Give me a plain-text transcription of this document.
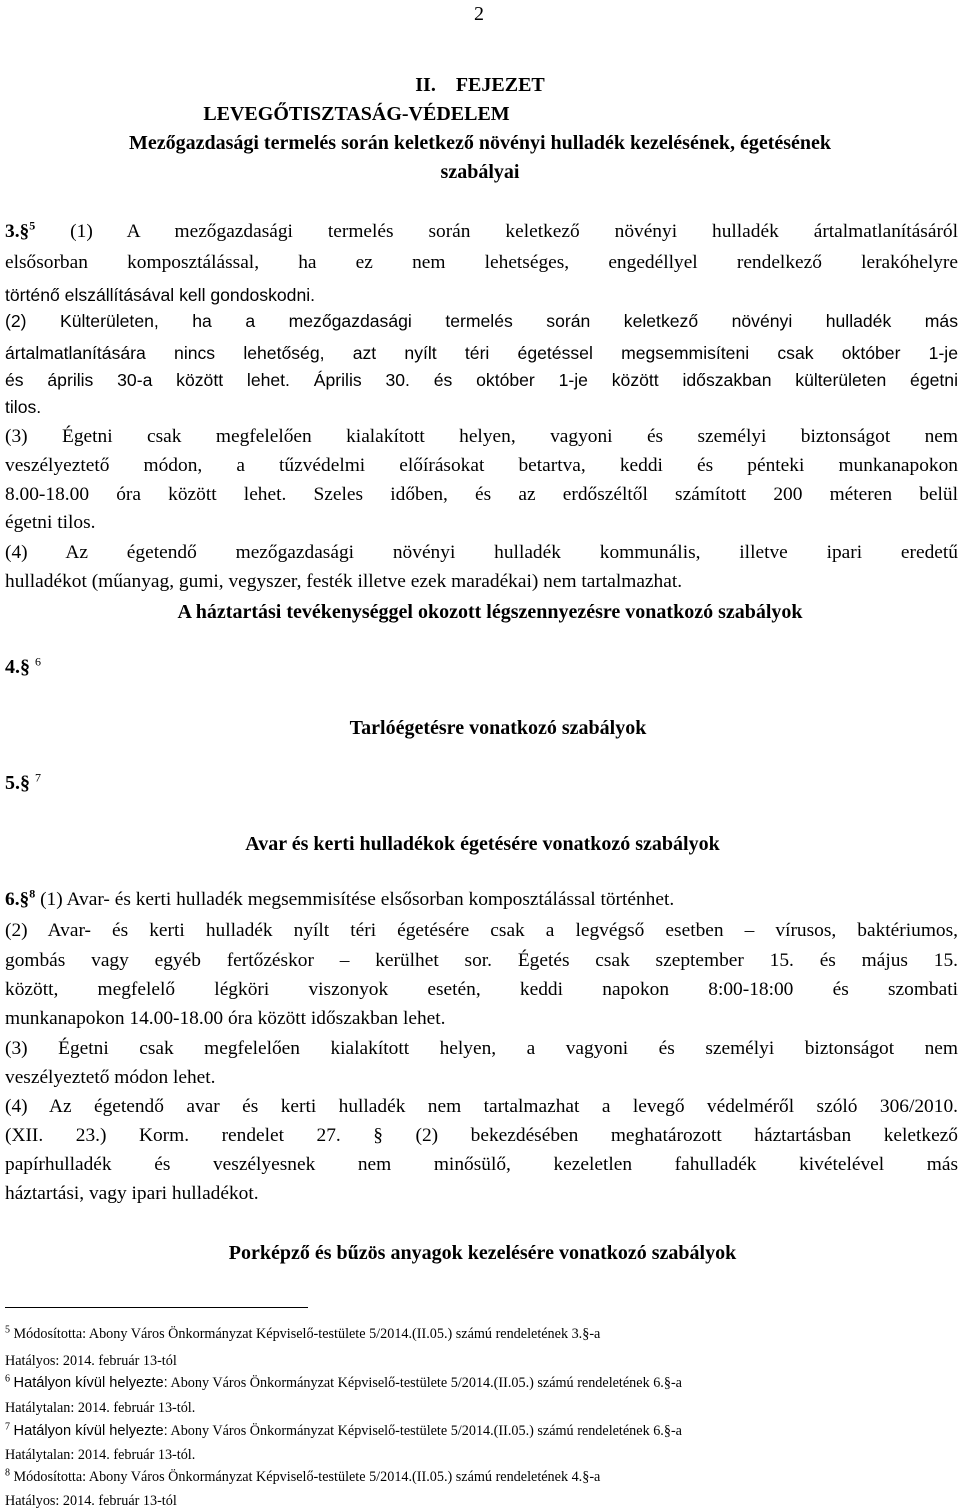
2
II. FEJEZET
LEVEGŐTISZTASÁG-VÉDELEM
Mezőgazdasági termelés során keletkező növényi hulladék kezelésének, égetésének
szabályai
3.§$^5$ (1) A mezőgazdasági termelés során keletkező növényi hulladék ártalmatlanításáról
elsősorban komposztálással, ha ez nem lehetséges, engedéllyel rendelkező lerakóhelyre
történő elszállításával kell gondoskodni.
(2) Külterületen, ha a mezőgazdasági termelés során keletkező növényi hulladék más
ártalmatlanítására nincs lehetőség, azt nyílt téri égetéssel megsemmisíteni csak október 1-je
és április 30-a között lehet. Április 30. és október 1-je között időszakban külterületen égetni
tilos.
(3) Égetni csak megfelelően kialakított helyen, vagyoni és személyi biztonságot nem
veszélyeztető módon, a tűzvédelmi előírásokat betartva, keddi és pénteki munkanapokon
8.00-18.00 óra között lehet. Szeles időben, és az erdőszéltől számított 200 méteren belül
égetni tilos.
(4) Az égetendő mezőgazdasági növényi hulladék kommunális, illetve ipari eredetű
hulladékot (műanyag, gumi, vegyszer, festék illetve ezek maradékai) nem tartalmazhat.
A háztartási tevékenységgel okozott légszennyezésre vonatkozó szabályok
4.§ $^6$
Tarlóégetésre vonatkozó szabályok
5.§ $^7$
Avar és kerti hulladékok égetésére vonatkozó szabályok
6.§$^8$ (1) Avar- és kerti hulladék megsemmisítése elsősorban komposztálással történhet.
(2) Avar- és kerti hulladék nyílt téri égetésére csak a legvégső esetben – vírusos, baktériumos,
gombás vagy egyéb fertőzéskor – kerülhet sor. Égetés csak szeptember 15. és május 15.
között, megfelelő légköri viszonyok esetén, keddi napokon 8:00-18:00 és szombati
munkanapokon 14.00-18.00 óra között időszakban lehet.
(3) Égetni csak megfelelően kialakított helyen, a vagyoni és személyi biztonságot nem
veszélyeztető módon lehet.
(4) Az égetendő avar és kerti hulladék nem tartalmazhat a levegő védelméről szóló 306/2010.
(XII. 23.) Korm. rendelet 27. § (2) bekezdésében meghatározott háztartásban keletkező
papírhulladék és veszélyesnek nem minősülő, kezeletlen fahulladék kivételével más
háztartási, vagy ipari hulladékot.
Porképző és bűzös anyagok kezelésére vonatkozó szabályok
$^5$ Módosította: Abony Város Önkormányzat Képviselő-testülete 5/2014.(II.05.) számú rendeletének 3.§-a
Hatályos: 2014. február 13-tól
$^6$ Hatályon kívül helyezte: Abony Város Önkormányzat Képviselő-testülete 5/2014.(II.05.) számú rendeletének 6.§-a
Hatálytalan: 2014. február 13-tól.
$^7$ Hatályon kívül helyezte: Abony Város Önkormányzat Képviselő-testülete 5/2014.(II.05.) számú rendeletének 6.§-a
Hatálytalan: 2014. február 13-tól.
$^8$ Módosította: Abony Város Önkormányzat Képviselő-testülete 5/2014.(II.05.) számú rendeletének 4.§-a
Hatályos: 2014. február 13-tól
